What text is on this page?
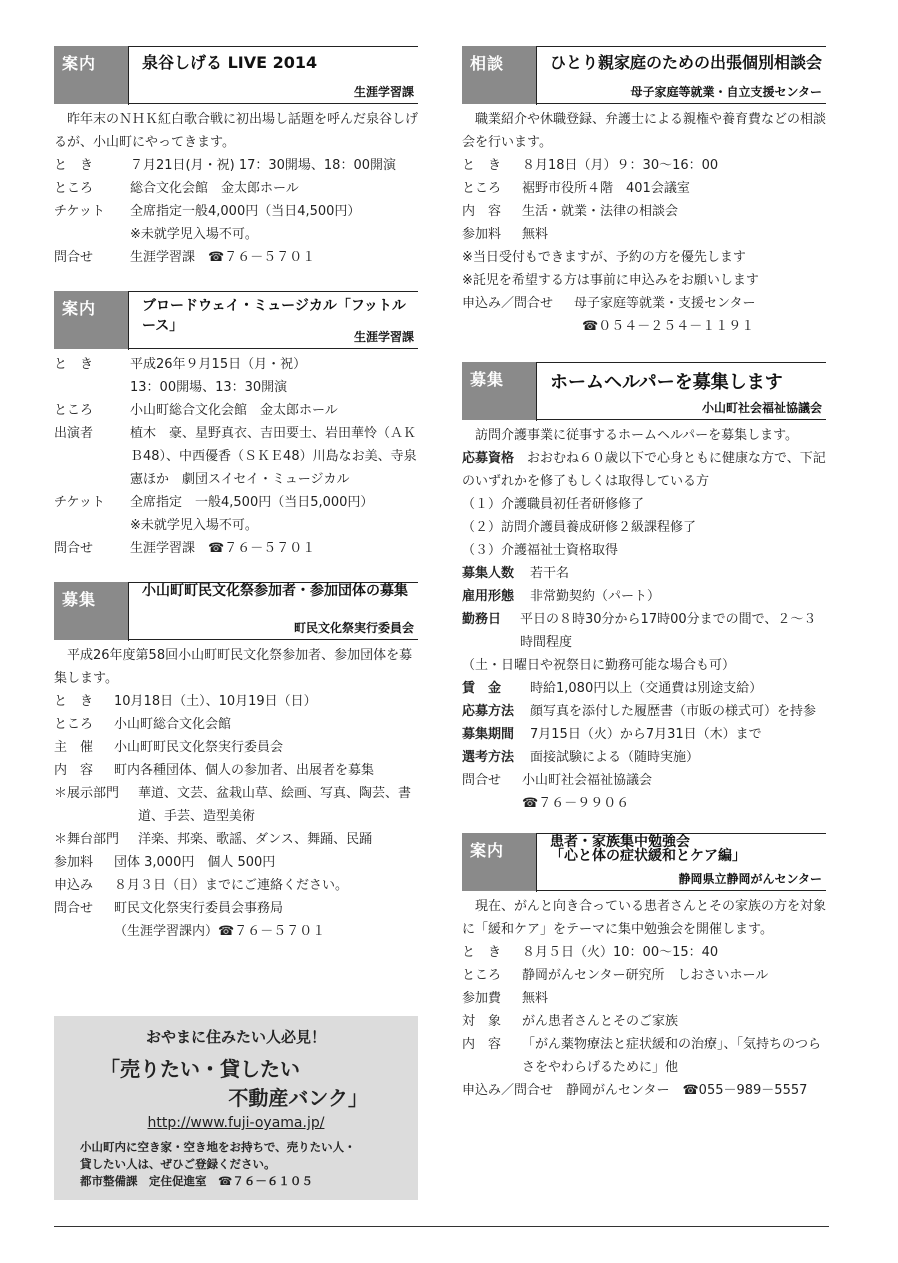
案内	泉谷しげる LIVE 2014
生涯学習課
昨年末のＮＨＫ紅白歌合戦に初出場し話題を呼んだ泉谷しげるが、小山町にやってきます。
と　き	７月21日(月・祝) 17：30開場、18：00開演
ところ	総合文化会館　金太郎ホール
チケット	全席指定一般4,000円（当日4,500円）
※未就学児入場不可。
問合せ	生涯学習課　☎７６－５７０１
案内	ブロードウェイ・ミュージカル「フットルース」
生涯学習課
と　き	平成26年９月15日（月・祝）
13：00開場、13：30開演
ところ	小山町総合文化会館　金太郎ホール
出演者	植木　豪、星野真衣、吉田要士、岩田華怜（ＡＫＢ48）、中西優香（ＳＫＥ48）川島なお美、寺泉　憲ほか　劇団スイセイ・ミュージカル
チケット	全席指定　一般4,500円（当日5,000円）
※未就学児入場不可。
問合せ	生涯学習課　☎７６－５７０１
募集	小山町町民文化祭参加者・参加団体の募集
町民文化祭実行委員会
平成26年度第58回小山町町民文化祭参加者、参加団体を募集します。
と　き	10月18日（土）、10月19日（日）
ところ	小山町総合文化会館
主　催	小山町町民文化祭実行委員会
内　容	町内各種団体、個人の参加者、出展者を募集
＊展示部門	華道、文芸、盆栽山草、絵画、写真、陶芸、書道、手芸、造型美術
＊舞台部門	洋楽、邦楽、歌謡、ダンス、舞踊、民踊
参加料	団体 3,000円　個人 500円
申込み	８月３日（日）までにご連絡ください。
問合せ	町民文化祭実行委員会事務局
（生涯学習課内）☎７６－５７０１
おやまに住みたい人必見！
「売りたい・貸したい
不動産バンク」
http://www.fuji-oyama.jp/
小山町内に空き家・空き地をお持ちで、売りたい人・
貸したい人は、ぜひご登録ください。
都市整備課　定住促進室　☎７６－６１０５
相談	ひとり親家庭のための出張個別相談会
母子家庭等就業・自立支援センター
職業紹介や休職登録、弁護士による親権や養育費などの相談会を行います。
と　き	８月18日（月）９：30～16：00
ところ	裾野市役所４階　401会議室
内　容	生活・就業・法律の相談会
参加料	無料
※当日受付もできますが、予約の方を優先します
※託児を希望する方は事前に申込みをお願いします
申込み／問合せ	母子家庭等就業・支援センター
☎０５４－２５４－１１９１
募集	ホームヘルパーを募集します
小山町社会福祉協議会
訪問介護事業に従事するホームヘルパーを募集します。
応募資格　 おおむね６０歳以下で心身ともに健康な方で、下記のいずれかを修了もしくは取得している方
（１）介護職員初任者研修修了
（２）訪問介護員養成研修２級課程修了
（３）介護福祉士資格取得
募集人数	若干名
雇用形態	非常勤契約（パート）
勤務日	平日の８時30分から17時00分までの間で、２～３時間程度
（土・日曜日や祝祭日に勤務可能な場合も可）
賃　金	時給1,080円以上（交通費は別途支給）
応募方法	顔写真を添付した履歴書（市販の様式可）を持参
募集期間	7月15日（火）から7月31日（木）まで
選考方法	面接試験による（随時実施）
問合せ	小山町社会福祉協議会
☎７６－９９０６
案内	患者・家族集中勉強会
「心と体の症状緩和とケア編」
静岡県立静岡がんセンター
現在、がんと向き合っている患者さんとその家族の方を対象に「緩和ケア」をテーマに集中勉強会を開催します。
と　き	８月５日（火）10：00～15：40
ところ	静岡がんセンター研究所　しおさいホール
参加費	無料
対　象	がん患者さんとそのご家族
内　容	「がん薬物療法と症状緩和の治療」、「気持ちのつらさをやわらげるために」他
申込み／問合せ　静岡がんセンター　☎055－989－5557
